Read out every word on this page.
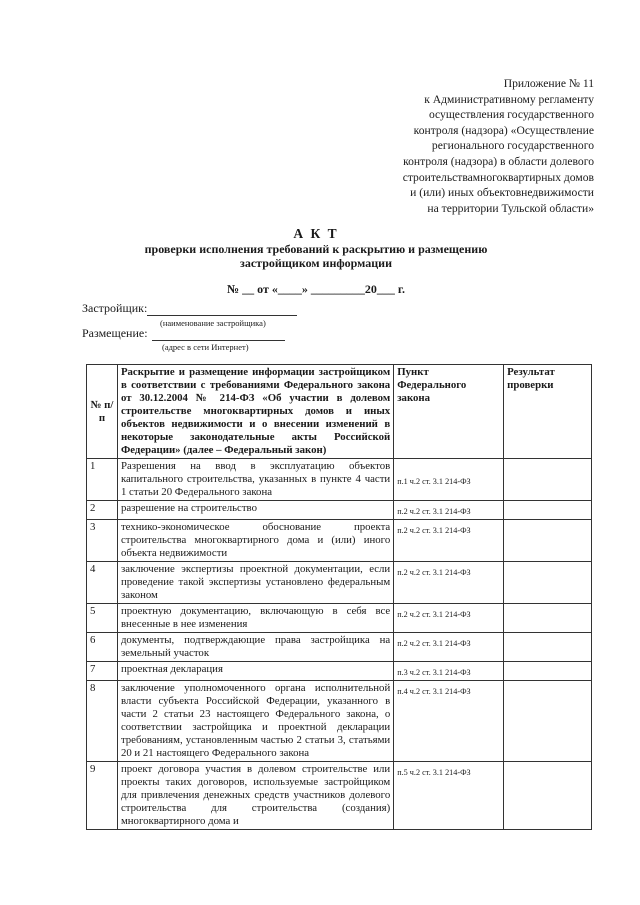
Приложение № 11
к Административному регламенту
осуществления государственного
контроля (надзора) «Осуществление
регионального государственного
контроля (надзора) в области долевого
строительствамногоквартирных домов
и (или) иных объектовнедвижимости
на территории Тульской области»
А К Т
проверки исполнения требований к раскрытию и размещению
застройщиком информации
№ __ от «____» _________20___ г.
Застройщик:
(наименование застройщика)
Размещение:
(адрес в сети Интернет)
№ п/п	Раскрытие и размещение информации застройщиком в соответствии с требованиями Федерального закона от 30.12.2004 № 214-ФЗ «Об участии в долевом строительстве многоквартирных домов и иных объектов недвижимости и о внесении изменений в некоторые законодательные акты Российской Федерации» (далее – Федеральный закон)	Пункт Федерального закона	Результат проверки
1	Разрешения на ввод в эксплуатацию объектов капитального строительства, указанных в пункте 4 части 1 статьи 20 Федерального закона	п.1 ч.2 ст. 3.1 214-ФЗ	
2	разрешение на строительство	п.2 ч.2 ст. 3.1 214-ФЗ	
3	технико-экономическое обоснование проекта строительства многоквартирного дома и (или) иного объекта недвижимости	п.2 ч.2 ст. 3.1 214-ФЗ	
4	заключение экспертизы проектной документации, если проведение такой экспертизы установлено федеральным законом	п.2 ч.2 ст. 3.1 214-ФЗ	
5	проектную документацию, включающую в себя все внесенные в нее изменения	п.2 ч.2 ст. 3.1 214-ФЗ	
6	документы, подтверждающие права застройщика на земельный участок	п.2 ч.2 ст. 3.1 214-ФЗ	
7	проектная декларация	п.3 ч.2 ст. 3.1 214-ФЗ	
8	заключение уполномоченного органа исполнительной власти субъекта Российской Федерации, указанного в части 2 статьи 23 настоящего Федерального закона, о соответствии застройщика и проектной декларации требованиям, установленным частью 2 статьи 3, статьями 20 и 21 настоящего Федерального закона	п.4 ч.2 ст. 3.1 214-ФЗ	
9	проект договора участия в долевом строительстве или проекты таких договоров, используемые застройщиком для привлечения денежных средств участников долевого строительства для строительства (создания) многоквартирного дома и	п.5 ч.2 ст. 3.1 214-ФЗ	
